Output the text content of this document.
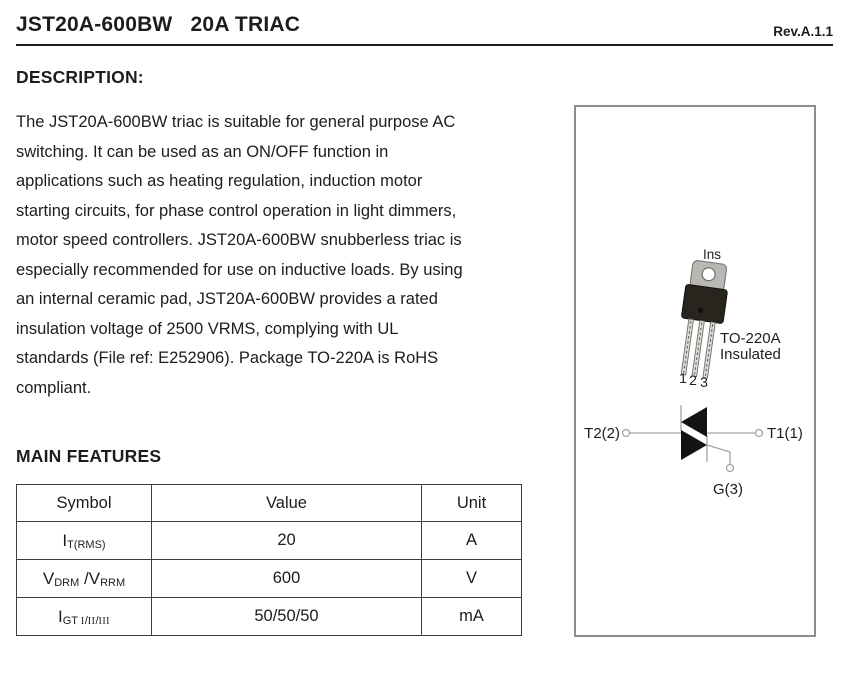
JST20A-600BW   20A TRIAC	Rev.A.1.1
DESCRIPTION:
The JST20A-600BW triac is suitable for general purpose AC
switching. It can be used as an ON/OFF function in
applications such as heating regulation, induction motor
starting circuits, for phase control operation in light dimmers,
motor speed controllers. JST20A-600BW snubberless triac is
especially recommended for use on inductive loads. By using
an internal ceramic pad, JST20A-600BW provides a rated
insulation voltage of 2500 VRMS, complying with UL
standards (File ref: E252906). Package TO-220A is RoHS
compliant.
MAIN FEATURES
Symbol	Value	Unit
IT(RMS)	20	A
VDRM /VRRM	600	V
IGT I/II/III	50/50/50	mA
Ins
1 2 3
TO-220A
Insulated
T2(2)	T1(1)
G(3)
